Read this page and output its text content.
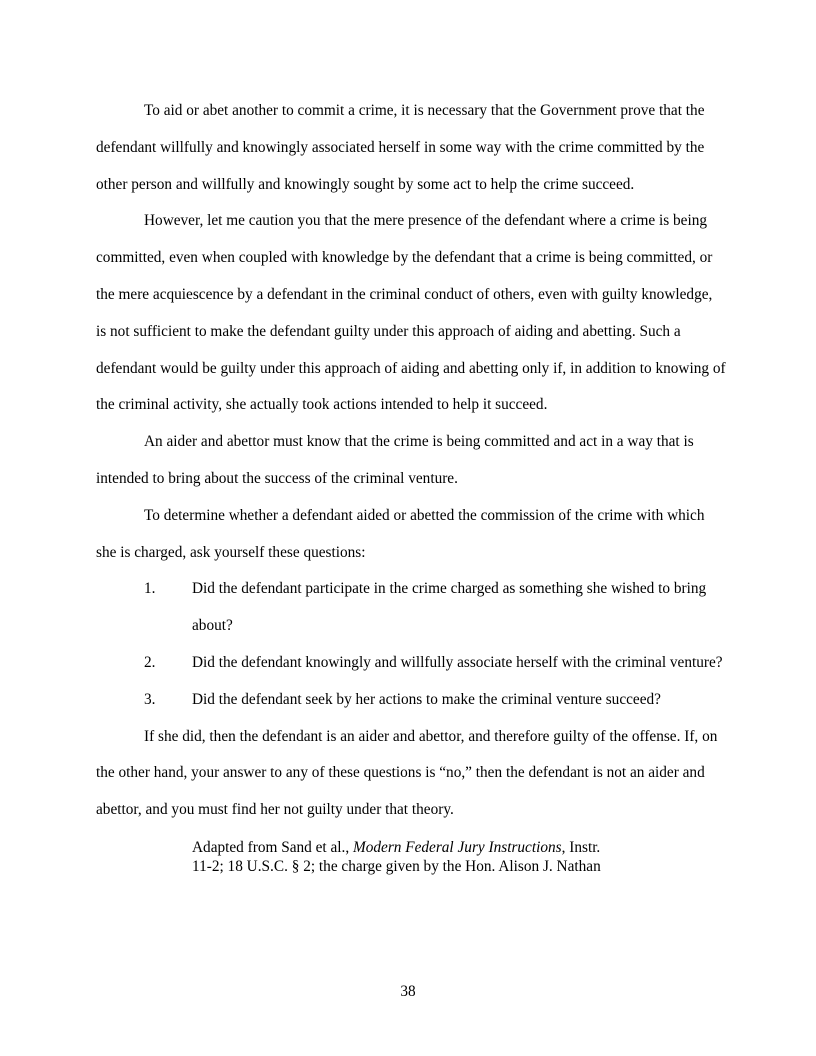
To aid or abet another to commit a crime, it is necessary that the Government prove that the defendant willfully and knowingly associated herself in some way with the crime committed by the other person and willfully and knowingly sought by some act to help the crime succeed.

However, let me caution you that the mere presence of the defendant where a crime is being committed, even when coupled with knowledge by the defendant that a crime is being committed, or the mere acquiescence by a defendant in the criminal conduct of others, even with guilty knowledge, is not sufficient to make the defendant guilty under this approach of aiding and abetting. Such a defendant would be guilty under this approach of aiding and abetting only if, in addition to knowing of the criminal activity, she actually took actions intended to help it succeed.

An aider and abettor must know that the crime is being committed and act in a way that is intended to bring about the success of the criminal venture.

To determine whether a defendant aided or abetted the commission of the crime with which she is charged, ask yourself these questions:

1. Did the defendant participate in the crime charged as something she wished to bring about?
2. Did the defendant knowingly and willfully associate herself with the criminal venture?
3. Did the defendant seek by her actions to make the criminal venture succeed?

If she did, then the defendant is an aider and abettor, and therefore guilty of the offense. If, on the other hand, your answer to any of these questions is “no,” then the defendant is not an aider and abettor, and you must find her not guilty under that theory.

Adapted from Sand et al., Modern Federal Jury Instructions, Instr. 11-2; 18 U.S.C. § 2; the charge given by the Hon. Alison J. Nathan
38
